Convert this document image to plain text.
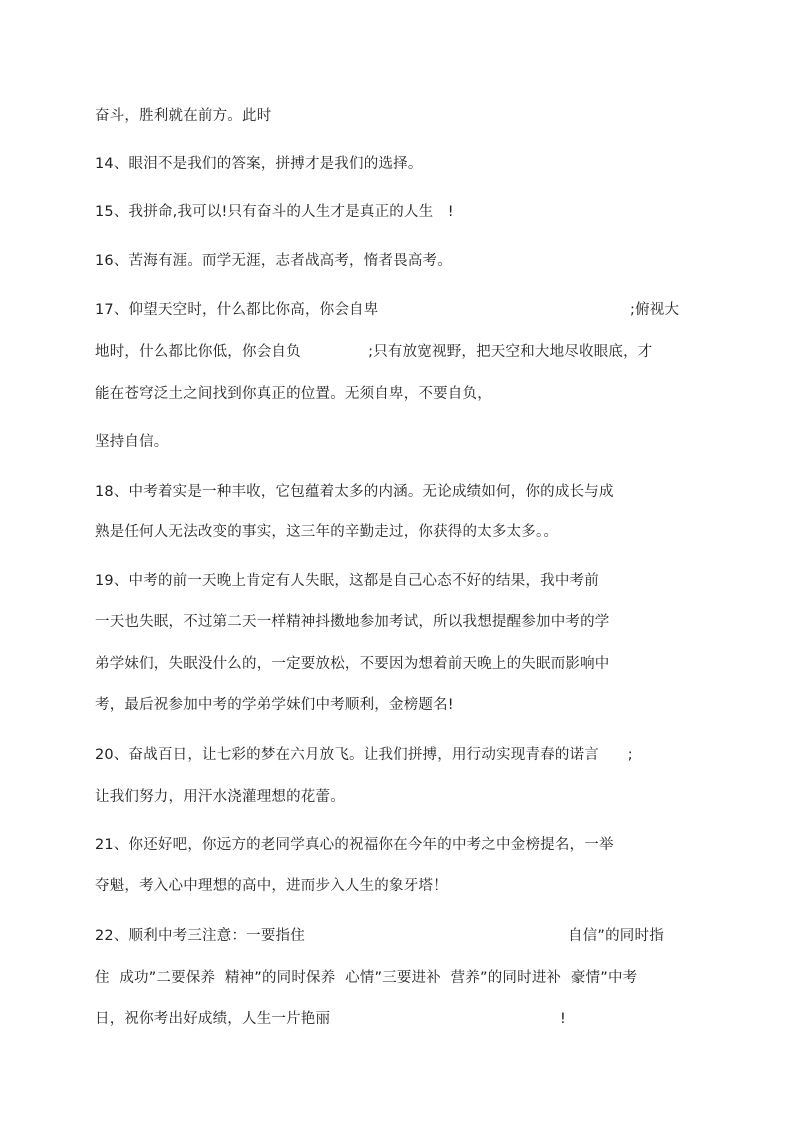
奋斗，胜利就在前方。此时
14、眼泪不是我们的答案，拼搏才是我们的选择。
15、我拼命,我可以!只有奋斗的人生才是真正的人生   !
16、苦海有涯。而学无涯，志者战高考，惰者畏高考。
17、仰望天空时，什么都比你高，你会自卑	;俯视大
地时，什么都比你低，你会自负              ;只有放宽视野，把天空和大地尽收眼底，才
能在苍穹泛土之间找到你真正的位置。无须自卑，不要自负，
坚持自信。
18、中考着实是一种丰收，它包蕴着太多的内涵。无论成绩如何，你的成长与成
熟是任何人无法改变的事实，这三年的辛勤走过，你获得的太多太多。。
19、中考的前一天晚上肯定有人失眠，这都是自己心态不好的结果，我中考前
一天也失眠，不过第二天一样精神抖擞地参加考试，所以我想提醒参加中考的学
弟学妹们，失眠没什么的，一定要放松，不要因为想着前天晚上的失眠而影响中
考，最后祝参加中考的学弟学妹们中考顺利，金榜题名!
20、奋战百日，让七彩的梦在六月放飞。让我们拼搏，用行动实现青春的诺言      ;
让我们努力，用汗水浇灌理想的花蕾。
21、你还好吧，你远方的老同学真心的祝福你在今年的中考之中金榜提名，一举
夺魁，考入心中理想的高中，进而步入人生的象牙塔！
22、顺利中考三注意：一要指住	自信”的同时指
住  成功”二要保养  精神”的同时保养  心情”三要进补  营养”的同时进补  豪情”中考
日，祝你考出好成绩，人生一片艳丽	!
